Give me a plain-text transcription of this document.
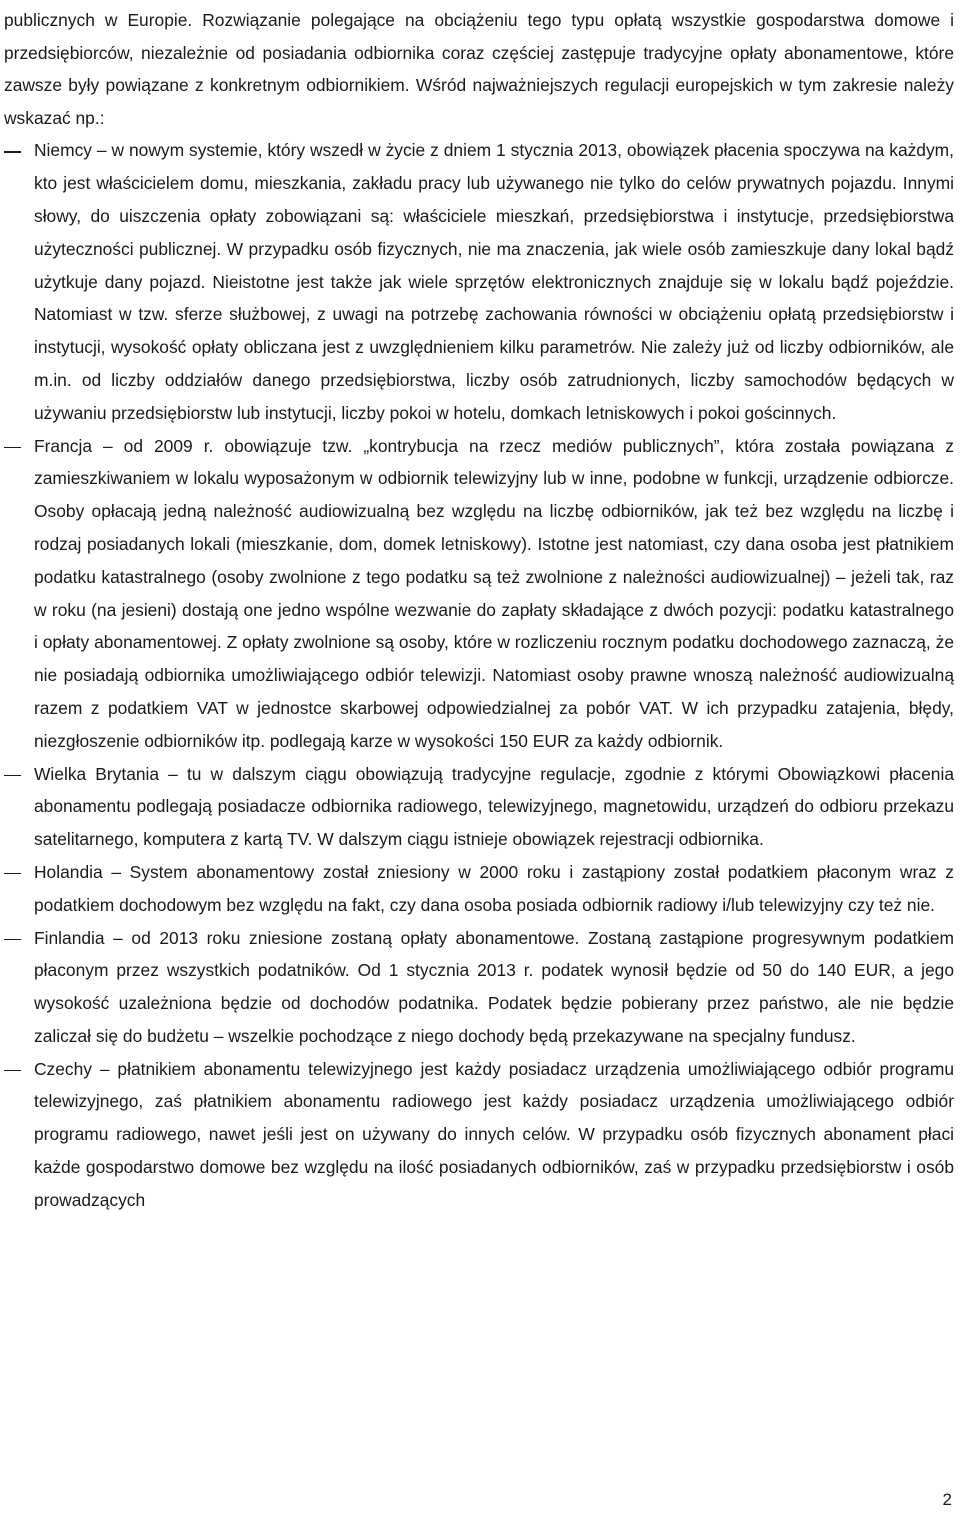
publicznych w Europie. Rozwiązanie polegające na obciążeniu tego typu opłatą wszystkie gospodarstwa domowe i przedsiębiorców, niezależnie od posiadania odbiornika coraz częściej zastępuje tradycyjne opłaty abonamentowe, które zawsze były powiązane z konkretnym odbiornikiem. Wśród najważniejszych regulacji europejskich w tym zakresie należy wskazać np.:

Niemcy – w nowym systemie, który wszedł w życie z dniem 1 stycznia 2013, obowiązek płacenia spoczywa na każdym, kto jest właścicielem domu, mieszkania, zakładu pracy lub używanego nie tylko do celów prywatnych pojazdu. Innymi słowy, do uiszczenia opłaty zobowiązani są: właściciele mieszkań, przedsiębiorstwa i instytucje, przedsiębiorstwa użyteczności publicznej. W przypadku osób fizycznych, nie ma znaczenia, jak wiele osób zamieszkuje dany lokal bądź użytkuje dany pojazd. Nieistotne jest także jak wiele sprzętów elektronicznych znajduje się w lokalu bądź pojeździe. Natomiast w tzw. sferze służbowej, z uwagi na potrzebę zachowania równości w obciążeniu opłatą przedsiębiorstw i instytucji, wysokość opłaty obliczana jest z uwzględnieniem kilku parametrów. Nie zależy już od liczby odbiorników, ale m.in. od liczby oddziałów danego przedsiębiorstwa, liczby osób zatrudnionych, liczby samochodów będących w używaniu przedsiębiorstw lub instytucji, liczby pokoi w hotelu, domkach letniskowych i pokoi gościnnych.
Francja – od 2009 r. obowiązuje tzw. „kontrybucja na rzecz mediów publicznych”, która została powiązana z zamieszkiwaniem w lokalu wyposażonym w odbiornik telewizyjny lub w inne, podobne w funkcji, urządzenie odbiorcze. Osoby opłacają jedną należność audiowizualną bez względu na liczbę odbiorników, jak też bez względu na liczbę i rodzaj posiadanych lokali (mieszkanie, dom, domek letniskowy). Istotne jest natomiast, czy dana osoba jest płatnikiem podatku katastralnego (osoby zwolnione z tego podatku są też zwolnione z należności audiowizualnej) – jeżeli tak, raz w roku (na jesieni) dostają one jedno wspólne wezwanie do zapłaty składające z dwóch pozycji: podatku katastralnego i opłaty abonamentowej. Z opłaty zwolnione są osoby, które w rozliczeniu rocznym podatku dochodowego zaznaczą, że nie posiadają odbiornika umożliwiającego odbiór telewizji. Natomiast osoby prawne wnoszą należność audiowizualną razem z podatkiem VAT w jednostce skarbowej odpowiedzialnej za pobór VAT. W ich przypadku zatajenia, błędy, niezgłoszenie odbiorników itp. podlegają karze w wysokości 150 EUR za każdy odbiornik.
Wielka Brytania – tu w dalszym ciągu obowiązują tradycyjne regulacje, zgodnie z którymi Obowiązkowi płacenia abonamentu podlegają posiadacze odbiornika radiowego, telewizyjnego, magnetowidu, urządzeń do odbioru przekazu satelitarnego, komputera z kartą TV. W dalszym ciągu istnieje obowiązek rejestracji odbiornika.
Holandia – System abonamentowy został zniesiony w 2000 roku i zastąpiony został podatkiem płaconym wraz z podatkiem dochodowym bez względu na fakt, czy dana osoba posiada odbiornik radiowy i/lub telewizyjny czy też nie.
Finlandia – od 2013 roku zniesione zostaną opłaty abonamentowe. Zostaną zastąpione progresywnym podatkiem płaconym przez wszystkich podatników. Od 1 stycznia 2013 r. podatek wynosił będzie od 50 do 140 EUR, a jego wysokość uzależniona będzie od dochodów podatnika. Podatek będzie pobierany przez państwo, ale nie będzie zaliczał się do budżetu – wszelkie pochodzące z niego dochody będą przekazywane na specjalny fundusz.
Czechy – płatnikiem abonamentu telewizyjnego jest każdy posiadacz urządzenia umożliwiającego odbiór programu telewizyjnego, zaś płatnikiem abonamentu radiowego jest każdy posiadacz urządzenia umożliwiającego odbiór programu radiowego, nawet jeśli jest on używany do innych celów. W przypadku osób fizycznych abonament płaci każde gospodarstwo domowe bez względu na ilość posiadanych odbiorników, zaś w przypadku przedsiębiorstw i osób prowadzących
2
